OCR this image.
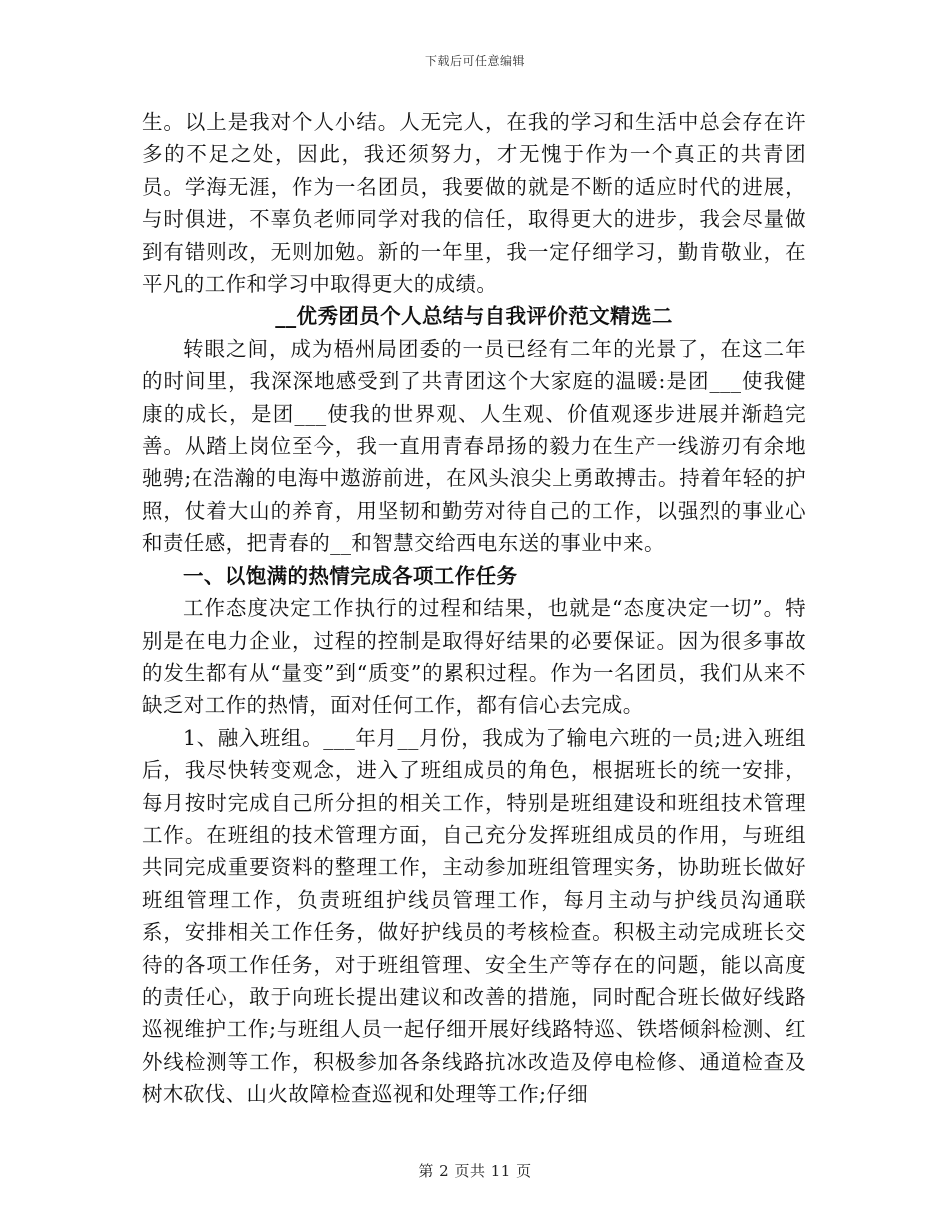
下载后可任意编辑

生。以上是我对个人小结。人无完人，在我的学习和生活中总会存在许多的不足之处，因此，我还须努力，才无愧于作为一个真正的共青团员。学海无涯，作为一名团员，我要做的就是不断的适应时代的进展，与时俱进，不辜负老师同学对我的信任，取得更大的进步，我会尽量做到有错则改，无则加勉。新的一年里，我一定仔细学习，勤肯敬业，在平凡的工作和学习中取得更大的成绩。

__优秀团员个人总结与自我评价范文精选二

转眼之间，成为梧州局团委的一员已经有二年的光景了，在这二年的时间里，我深深地感受到了共青团这个大家庭的温暖:是团___使我健康的成长，是团___使我的世界观、人生观、价值观逐步进展并渐趋完善。从踏上岗位至今，我一直用青春昂扬的毅力在生产一线游刃有余地驰骋;在浩瀚的电海中遨游前进，在风头浪尖上勇敢搏击。持着年轻的护照，仗着大山的养育，用坚韧和勤劳对待自己的工作，以强烈的事业心和责任感，把青春的__和智慧交给西电东送的事业中来。

一、以饱满的热情完成各项工作任务

工作态度决定工作执行的过程和结果，也就是“态度决定一切”。特别是在电力企业，过程的控制是取得好结果的必要保证。因为很多事故的发生都有从“量变”到“质变”的累积过程。作为一名团员，我们从来不缺乏对工作的热情，面对任何工作，都有信心去完成。

1、融入班组。___年月__月份，我成为了输电六班的一员;进入班组后，我尽快转变观念，进入了班组成员的角色，根据班长的统一安排，每月按时完成自己所分担的相关工作，特别是班组建设和班组技术管理工作。在班组的技术管理方面，自己充分发挥班组成员的作用，与班组共同完成重要资料的整理工作，主动参加班组管理实务，协助班长做好班组管理工作，负责班组护线员管理工作，每月主动与护线员沟通联系，安排相关工作任务，做好护线员的考核检查。积极主动完成班长交待的各项工作任务，对于班组管理、安全生产等存在的问题，能以高度的责任心，敢于向班长提出建议和改善的措施，同时配合班长做好线路巡视维护工作;与班组人员一起仔细开展好线路特巡、铁塔倾斜检测、红外线检测等工作，积极参加各条线路抗冰改造及停电检修、通道检查及树木砍伐、山火故障检查巡视和处理等工作;仔细

第 2 页共 11 页
